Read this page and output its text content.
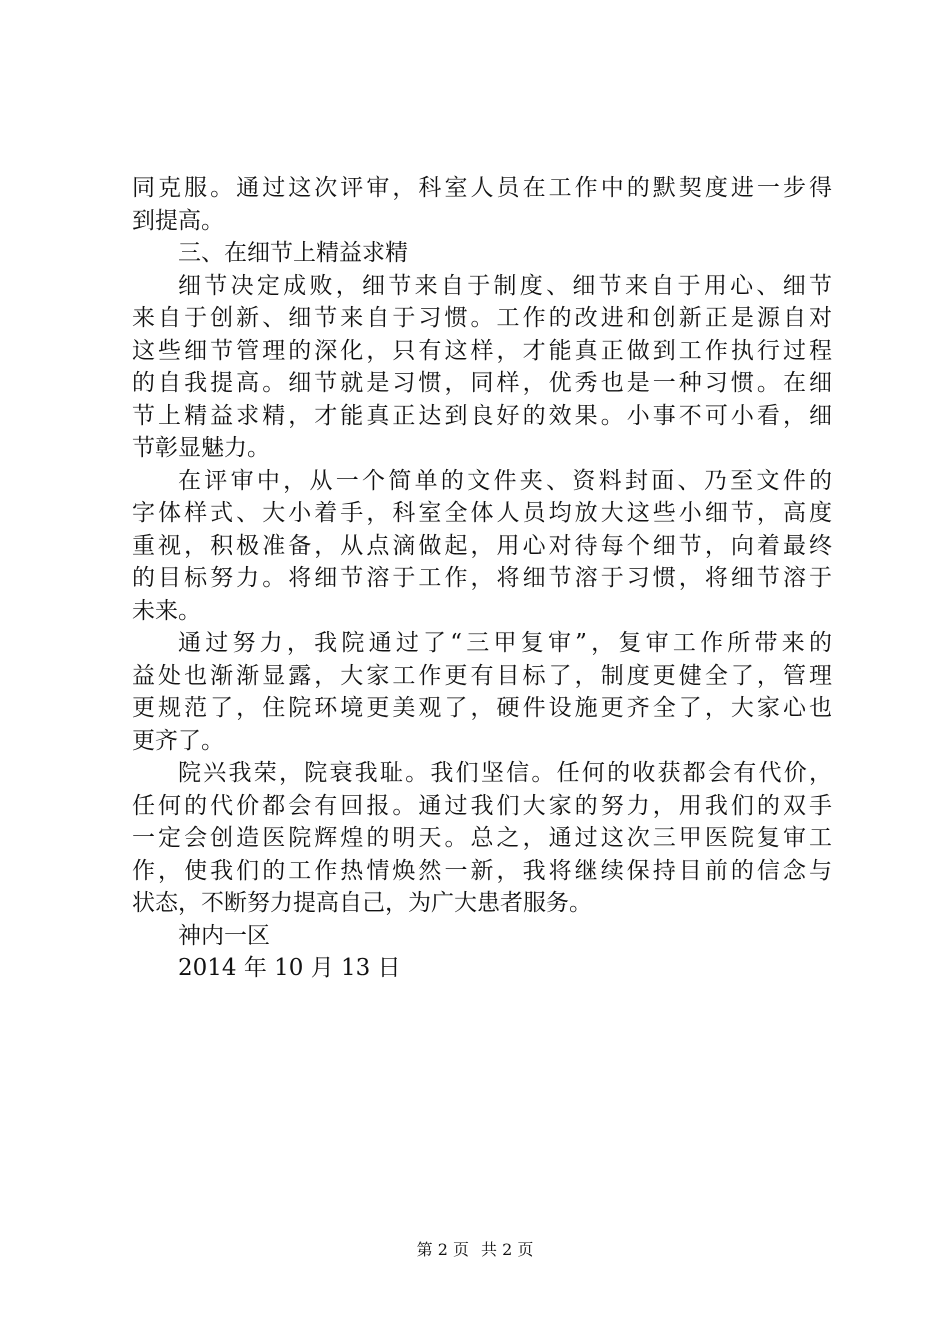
同克服。通过这次评审，科室人员在工作中的默契度进一步得
到提高。
三、在细节上精益求精
细节决定成败，细节来自于制度、细节来自于用心、细节
来自于创新、细节来自于习惯。工作的改进和创新正是源自对
这些细节管理的深化，只有这样，才能真正做到工作执行过程
的自我提高。细节就是习惯，同样，优秀也是一种习惯。在细
节上精益求精，才能真正达到良好的效果。小事不可小看，细
节彰显魅力。
在评审中，从一个简单的文件夹、资料封面、乃至文件的
字体样式、大小着手，科室全体人员均放大这些小细节，高度
重视，积极准备，从点滴做起，用心对待每个细节，向着最终
的目标努力。将细节溶于工作，将细节溶于习惯，将细节溶于
未来。
通过努力，我院通过了“三甲复审”，复审工作所带来的
益处也渐渐显露，大家工作更有目标了，制度更健全了，管理
更规范了，住院环境更美观了，硬件设施更齐全了，大家心也
更齐了。
院兴我荣，院衰我耻。我们坚信。任何的收获都会有代价，
任何的代价都会有回报。通过我们大家的努力，用我们的双手
一定会创造医院辉煌的明天。总之，通过这次三甲医院复审工
作，使我们的工作热情焕然一新，我将继续保持目前的信念与
状态，不断努力提高自己，为广大患者服务。
神内一区
2014 年 10 月 13 日
第 2 页 共 2 页
